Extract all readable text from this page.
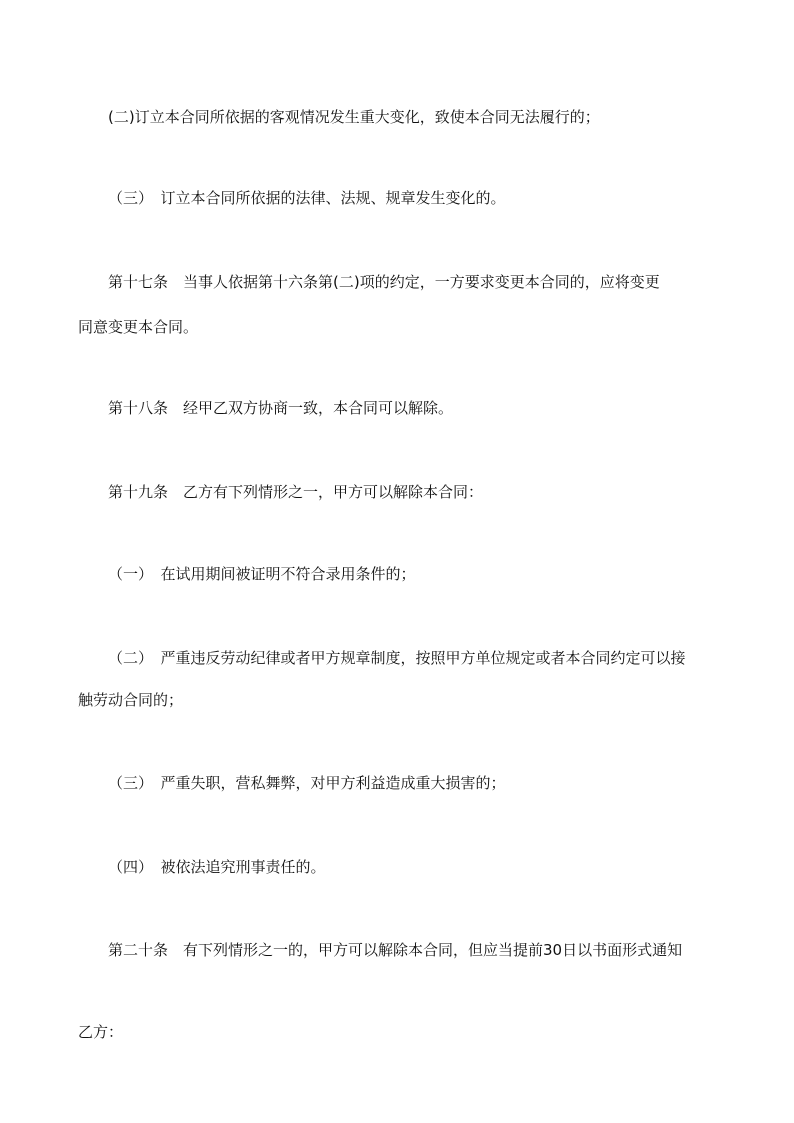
(二)订立本合同所依据的客观情况发生重大变化，致使本合同无法履行的；
（三）　订立本合同所依据的法律、法规、规章发生变化的。
第十七条　当事人依据第十六条第(二)项的约定，一方要求变更本合同的，应将变更
同意变更本合同。
第十八条　经甲乙双方协商一致，本合同可以解除。
第十九条　乙方有下列情形之一，甲方可以解除本合同：
（一）　在试用期间被证明不符合录用条件的；
（二）　严重违反劳动纪律或者甲方规章制度，按照甲方单位规定或者本合同约定可以接
触劳动合同的；
（三）　严重失职，营私舞弊，对甲方利益造成重大损害的；
（四）　被依法追究刑事责任的。
第二十条　有下列情形之一的，甲方可以解除本合同，但应当提前30日以书面形式通知
乙方：
